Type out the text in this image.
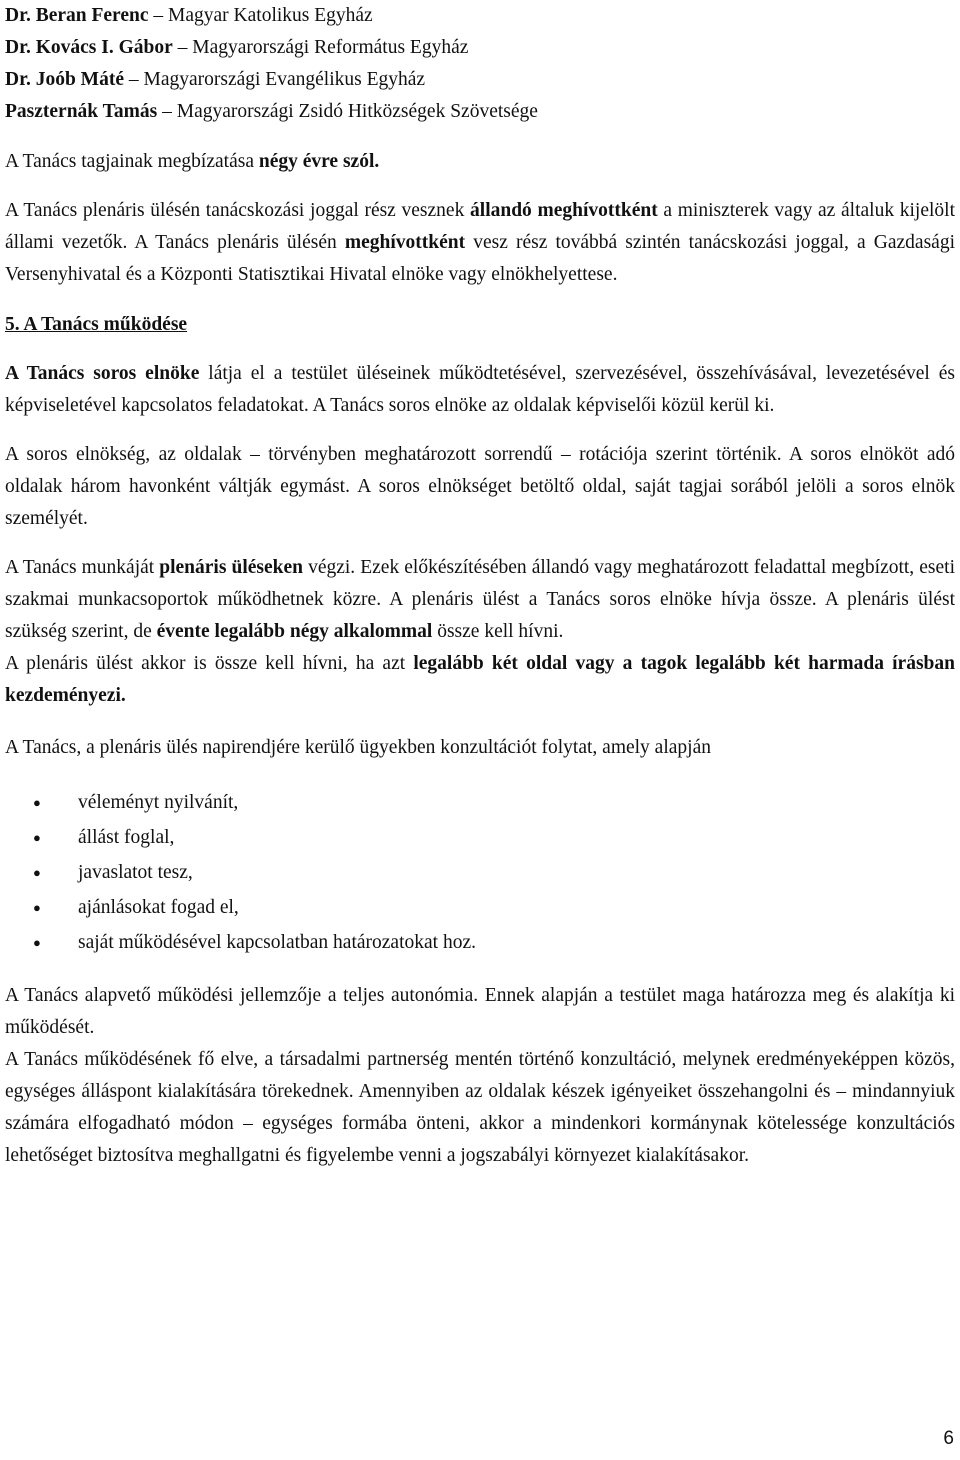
Dr. Beran Ferenc – Magyar Katolikus Egyház

Dr. Kovács I. Gábor – Magyarországi Református Egyház

Dr. Joób Máté – Magyarországi Evangélikus Egyház

Paszternák Tamás – Magyarországi Zsidó Hitközségek Szövetsége

A Tanács tagjainak megbízatása négy évre szól.

A Tanács plenáris ülésén tanácskozási joggal rész vesznek állandó meghívottként a miniszterek vagy az általuk kijelölt állami vezetők. A Tanács plenáris ülésén meghívottként vesz rész továbbá szintén tanácskozási joggal, a Gazdasági Versenyhivatal és a Központi Statisztikai Hivatal elnöke vagy elnökhelyettese.

5. A Tanács működése

A Tanács soros elnöke látja el a testület üléseinek működtetésével, szervezésével, összehívásával, levezetésével és képviseletével kapcsolatos feladatokat. A Tanács soros elnöke az oldalak képviselői közül kerül ki.

A soros elnökség, az oldalak – törvényben meghatározott sorrendű – rotációja szerint történik. A soros elnököt adó oldalak három havonként váltják egymást. A soros elnökséget betöltő oldal, saját tagjai sorából jelöli a soros elnök személyét.

A Tanács munkáját plenáris üléseken végzi. Ezek előkészítésében állandó vagy meghatározott feladattal megbízott, eseti szakmai munkacsoportok működhetnek közre. A plenáris ülést a Tanács soros elnöke hívja össze. A plenáris ülést szükség szerint, de évente legalább négy alkalommal össze kell hívni.

A plenáris ülést akkor is össze kell hívni, ha azt legalább két oldal vagy a tagok legalább két harmada írásban kezdeményezi.

A Tanács, a plenáris ülés napirendjére kerülő ügyekben konzultációt folytat, amely alapján

● véleményt nyilvánít,
● állást foglal,
● javaslatot tesz,
● ajánlásokat fogad el,
● saját működésével kapcsolatban határozatokat hoz.

A Tanács alapvető működési jellemzője a teljes autonómia. Ennek alapján a testület maga határozza meg és alakítja ki működését.

A Tanács működésének fő elve, a társadalmi partnerség mentén történő konzultáció, melynek eredményeképpen közös, egységes álláspont kialakítására törekednek. Amennyiben az oldalak készek igényeiket összehangolni és – mindannyiuk számára elfogadható módon – egységes formába önteni, akkor a mindenkori kormánynak kötelessége konzultációs lehetőséget biztosítva meghallgatni és figyelembe venni a jogszabályi környezet kialakításakor.

6
